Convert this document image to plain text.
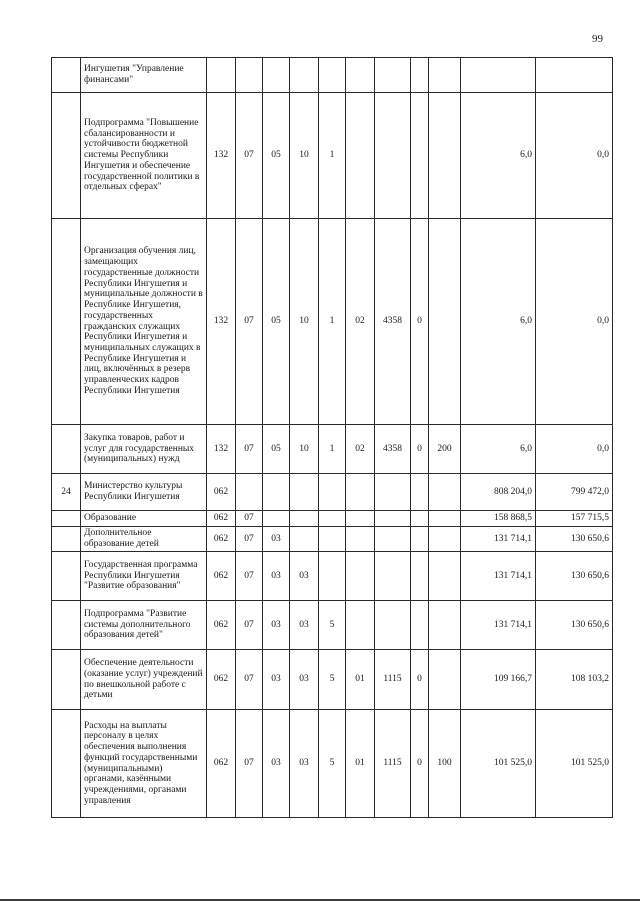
99
	Ингушетия "Управление финансами"											
	Подпрограмма "Повышение сбалансированности и устойчивости бюджетной системы Республики Ингушетия и обеспечение государственной политики в отдельных сферах"	132	07	05	10	1					6,0	0,0
	Организация обучения лиц, замещающих государственные должности Республики Ингушетия и муниципальные должности в Республике Ингушетия, государственных гражданских служащих Республики Ингушетия и муниципальных служащих в Республике Ингушетия и лиц, включённых в резерв управленческих кадров Республики Ингушетия	132	07	05	10	1	02	4358	0		6,0	0,0
	Закупка товаров, работ и услуг для государственных (муниципальных) нужд	132	07	05	10	1	02	4358	0	200	6,0	0,0
24	Министерство культуры Республики Ингушетия	062									808 204,0	799 472,0
	Образование	062	07								158 868,5	157 715,5
	Дополнительное образование детей	062	07	03							131 714,1	130 650,6
	Государственная программа Республики Ингушетия "Развитие образования"	062	07	03	03						131 714,1	130 650,6
	Подпрограмма "Развитие системы дополнительного образования детей"	062	07	03	03	5					131 714,1	130 650,6
	Обеспечение деятельности (оказание услуг) учреждений по внешкольной работе с детьми	062	07	03	03	5	01	1115	0		109 166,7	108 103,2
	Расходы на выплаты персоналу в целях обеспечения выполнения функций государственными (муниципальными) органами, казёнными учреждениями, органами управления	062	07	03	03	5	01	1115	0	100	101 525,0	101 525,0
